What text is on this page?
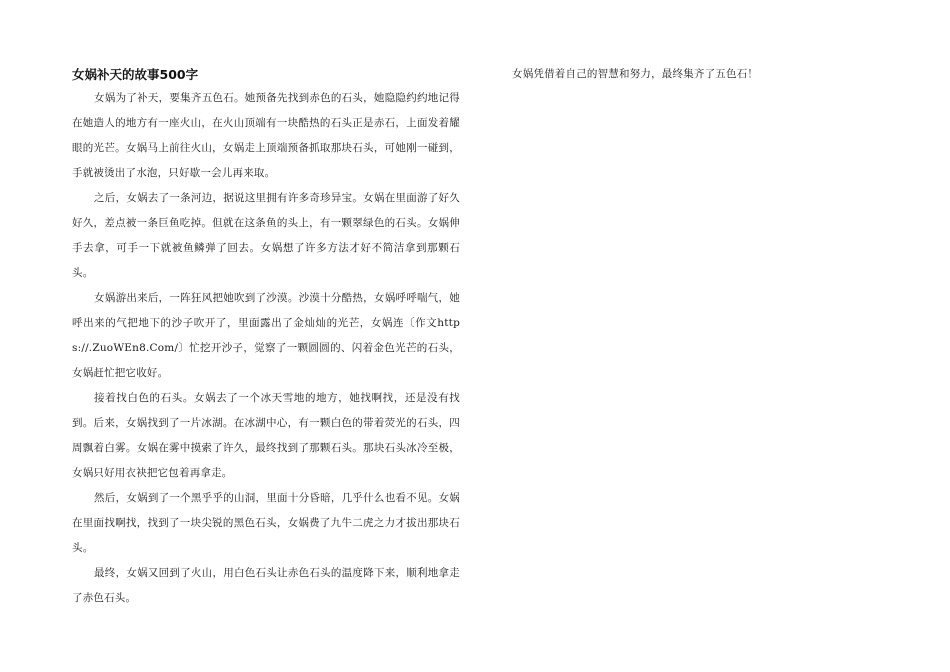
女娲补天的故事500字

女娲为了补天，要集齐五色石。她预备先找到赤色的石头，她隐隐约约地记得在她造人的地方有一座火山，在火山顶端有一块酷热的石头正是赤石，上面发着耀眼的光芒。女娲马上前往火山，女娲走上顶端预备抓取那块石头，可她刚一碰到，手就被烫出了水泡，只好歇一会儿再来取。

之后，女娲去了一条河边，据说这里拥有许多奇珍异宝。女娲在里面游了好久好久，差点被一条巨鱼吃掉。但就在这条鱼的头上，有一颗翠绿色的石头。女娲伸手去拿，可手一下就被鱼鳞弹了回去。女娲想了许多方法才好不简洁拿到那颗石头。

女娲游出来后，一阵狂风把她吹到了沙漠。沙漠十分酷热，女娲呼呼喘气，她呼出来的气把地下的沙子吹开了，里面露出了金灿灿的光芒，女娲连〔作文https://.ZuoWEn8.Com/〕忙挖开沙子，觉察了一颗圆圆的、闪着金色光芒的石头，女娲赶忙把它收好。

接着找白色的石头。女娲去了一个冰天雪地的地方，她找啊找，还是没有找到。后来，女娲找到了一片冰湖。在冰湖中心，有一颗白色的带着荧光的石头，四周飘着白雾。女娲在雾中摸索了许久，最终找到了那颗石头。那块石头冰冷至极，女娲只好用衣袂把它包着再拿走。

然后，女娲到了一个黑乎乎的山洞，里面十分昏暗，几乎什么也看不见。女娲在里面找啊找，找到了一块尖锐的黑色石头，女娲费了九牛二虎之力才拔出那块石头。

最终，女娲又回到了火山，用白色石头让赤色石头的温度降下来，顺利地拿走了赤色石头。

女娲凭借着自己的智慧和努力，最终集齐了五色石！
